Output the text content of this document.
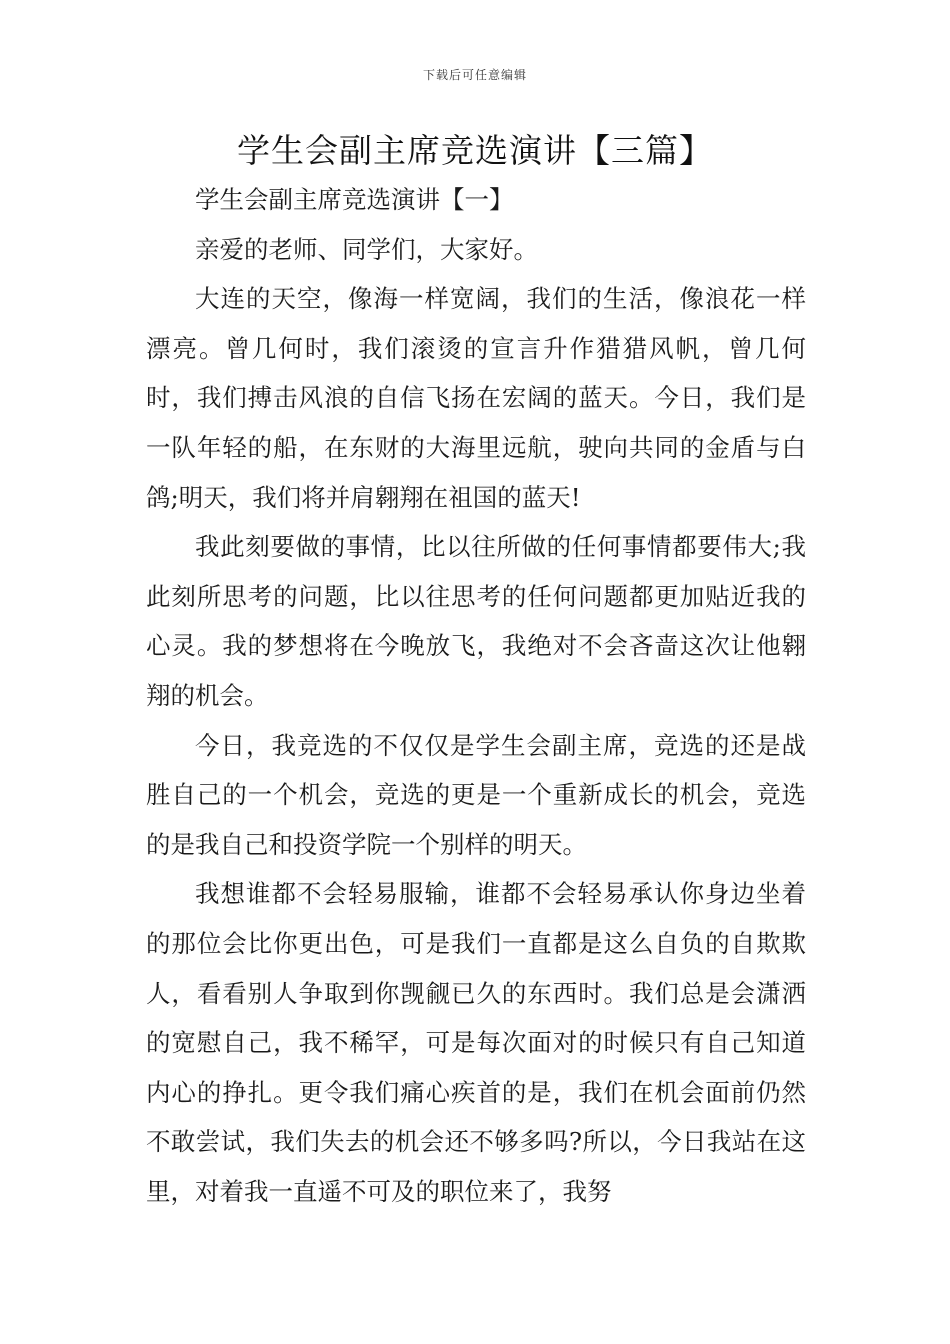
下载后可任意编辑
学生会副主席竞选演讲【三篇】

学生会副主席竞选演讲【一】

亲爱的老师、同学们，大家好。

大连的天空，像海一样宽阔，我们的生活，像浪花一样漂亮。曾几何时，我们滚烫的宣言升作猎猎风帆，曾几何时，我们搏击风浪的自信飞扬在宏阔的蓝天。今日，我们是一队年轻的船，在东财的大海里远航，驶向共同的金盾与白鸽;明天，我们将并肩翱翔在祖国的蓝天!

我此刻要做的事情，比以往所做的任何事情都要伟大;我此刻所思考的问题，比以往思考的任何问题都更加贴近我的心灵。我的梦想将在今晚放飞，我绝对不会吝啬这次让他翱翔的机会。

今日，我竞选的不仅仅是学生会副主席，竞选的还是战胜自己的一个机会，竞选的更是一个重新成长的机会，竞选的是我自己和投资学院一个别样的明天。

我想谁都不会轻易服输，谁都不会轻易承认你身边坐着的那位会比你更出色，可是我们一直都是这么自负的自欺欺人，看看别人争取到你觊觎已久的东西时。我们总是会潇洒的宽慰自己，我不稀罕，可是每次面对的时候只有自己知道内心的挣扎。更令我们痛心疾首的是，我们在机会面前仍然不敢尝试，我们失去的机会还不够多吗?所以，今日我站在这里，对着我一直遥不可及的职位来了，我努
